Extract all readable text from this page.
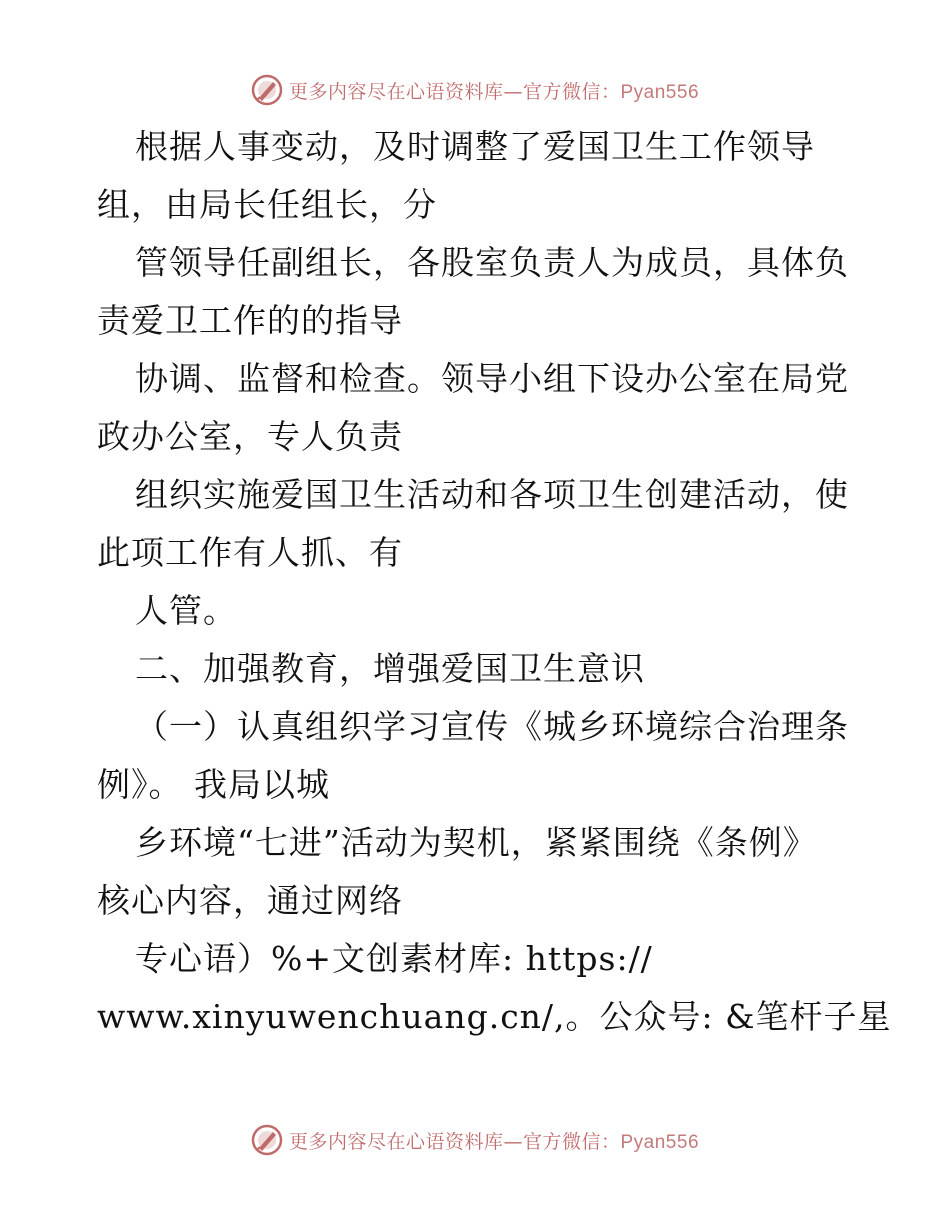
更多内容尽在心语资料库—官方微信：Pyan556
根据人事变动，及时调整了爱国卫生工作领导
组，由局长任组长，分
管领导任副组长，各股室负责人为成员，具体负
责爱卫工作的的指导
协调、监督和检查。领导小组下设办公室在局党
政办公室，专人负责
组织实施爱国卫生活动和各项卫生创建活动，使
此项工作有人抓、有
人管。
二、加强教育，增强爱国卫生意识
（一）认真组织学习宣传《城乡环境综合治理条
例》。 我局以城
乡环境“七进”活动为契机，紧紧围绕《条例》
核心内容，通过网络
专心语）%+文创素材库: https://
www.xinyuwenchuang.cn/,。公众号: &笔杆子星
更多内容尽在心语资料库—官方微信：Pyan556
